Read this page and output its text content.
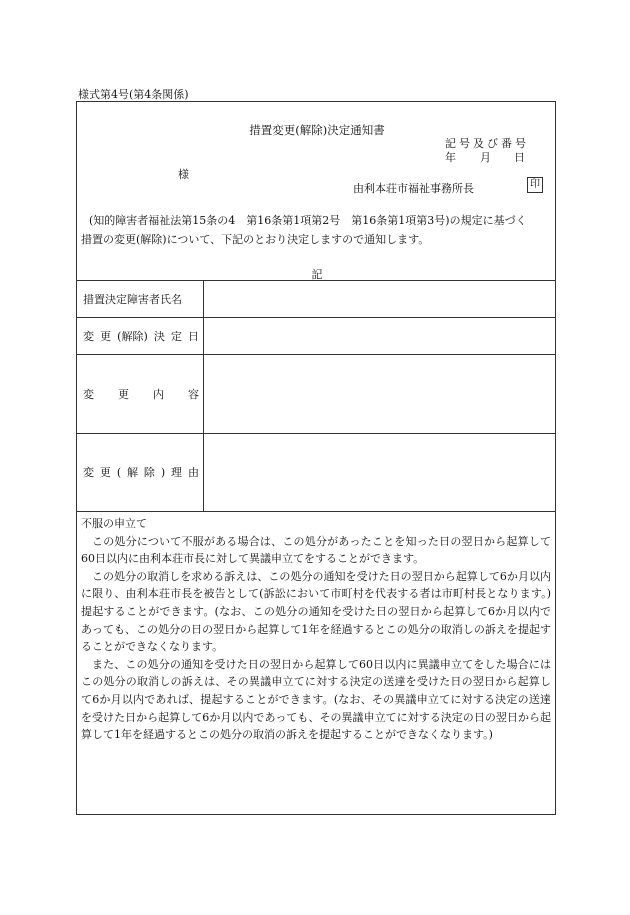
様式第4号(第4条関係)
措置変更(解除)決定通知書
記号及び番号
年 月 日
様
由利本荘市福祉事務所長	印
(知的障害者福祉法第15条の4　第16条第1項第2号　第16条第1項第3号)の規定に基づく
措置の変更(解除)について、下記のとおり決定しますので通知します。
記
措置決定障害者氏名
変 更 (解除) 決 定 日
変 更 内 容
変 更 ( 解 除 ) 理 由

不服の申立て

この処分について不服がある場合は、この処分があったことを知った日の翌日から起算して60日以内に由利本荘市長に対して異議申立てをすることができます。

この処分の取消しを求める訴えは、この処分の通知を受けた日の翌日から起算して6か月以内に限り、由利本荘市長を被告として(訴訟において市町村を代表する者は市町村長となります。)提起することができます。(なお、この処分の通知を受けた日の翌日から起算して6か月以内であっても、この処分の日の翌日から起算して1年を経過するとこの処分の取消しの訴えを提起することができなくなります。

また、この処分の通知を受けた日の翌日から起算して60日以内に異議申立てをした場合にはこの処分の取消しの訴えは、その異議申立てに対する決定の送達を受けた日の翌日から起算して6か月以内であれば、提起することができます。(なお、その異議申立てに対する決定の送達を受けた日から起算して6か月以内であっても、その異議申立てに対する決定の日の翌日から起算して1年を経過するとこの処分の取消の訴えを提起することができなくなります。)
